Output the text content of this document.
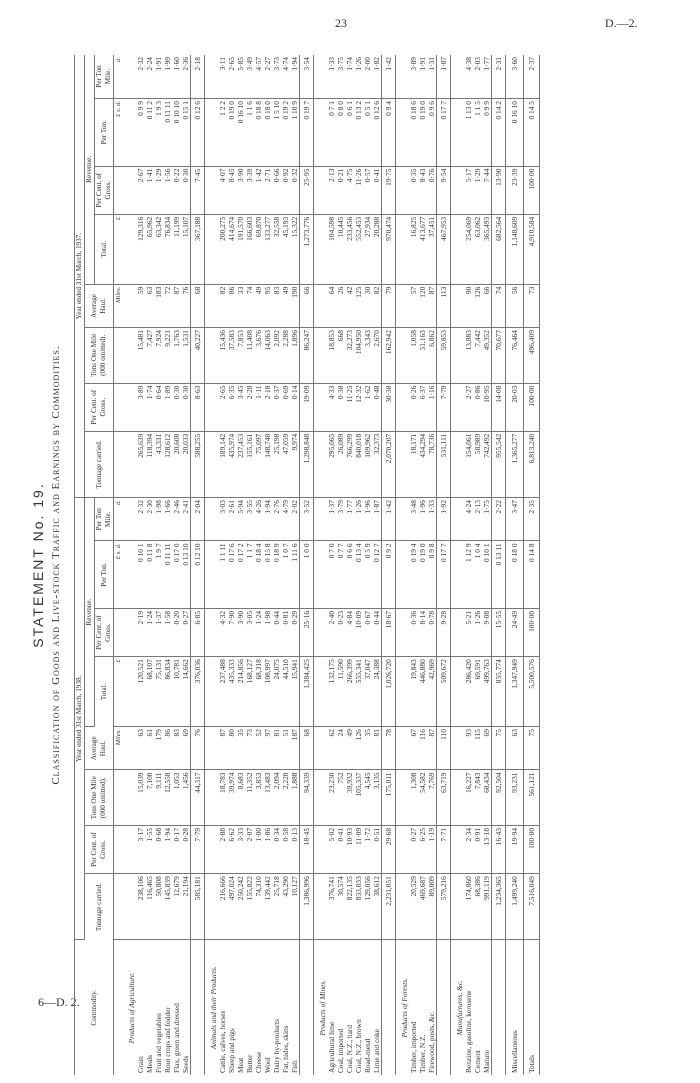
23	D.—2.
6—D. 2.
STATEMENT No. 19. Classification of Goods and Live-stock Traffic and Earnings by Commodities.
Commodity.	Year ended 31st March, 1938.								Year ended 31st March, 1937.							
	Tonnage carried.	Per Cent. of Gross.	Tons One Mile (000 omitted).	Average Haul.	Revenue.				Tonnage carried.	Per Cent. of Gross.	Tons One Mile (000 omitted).	Average Haul.	Revenue.			
					Total.	Per Cent. of Gross.	Per Ton.	Per Ton Mile.					Total.	Per Cent. of Gross.	Per Ton.	Per Ton Mile.
				Miles.	£		£ s. d.	d.				Miles.	£		£ s. d.	d.
Products of Agriculture.																
Grain	238,106	3·17	15,039	63	120,521	2·19	0 10 1	2·32	265,639	3·89	15,481	59	129,316	2·67	0 9 9	2·32
Meals	116,465	1·55	7,100	61	68,107	1·24	0 11 8	2·30	118,394	1·74	7,427	63	65,962	1·41	0 11 2	2·24
Fruit and vegetables	50,808	0·68	9,111	179	75,131	1·37	1 9 7	1·98	43,331	0·64	7,924	183	63,342	1·29	1 9 3	1·91
Root crops and fodder	145,839	1·94	12,558	86	86,834	1·58	0 11 11	1·66	128,612	1·89	9,221	72	76,834	1·56	0 11 11	1·99
Flax, green and dressed	12,679	0·17	1,053	83	10,781	0·20	0 17 0	2·46	20,608	0·30	1,763	87	11,199	0·22	0 10 10	1·60
Seeds	21,194	0·28	1,456	69	14,662	0·27	0 13 10	2·41	20,033	0·30	1,531	76	15,107	0·30	0 15 1	2·36
	585,181	7·79	44,317	76	376,036	6·85	0 12 10	2·04	588,255	8·63	40,227	68	367,188	7·45	0 12 6	2·18
Animals and their Products.																
Cattle, calves, horses	216,666	2·88	18,783	87	237,488	4·32	1 1 11	3·03	189,142	2·65	15,436	82	200,275	4·07	1 2 2	3·11
Sheep and pigs	497,024	6·62	39,974	80	435,333	7·90	0 17 6	2·61	435,974	6·35	37,583	86	414,674	8·45	0 19 0	2·65
Meat	250,242	3·33	8,683	35	214,856	3·90	0 17 2	5·94	237,453	3·45	7,853	33	191,570	3·90	0 16 10	5·85
Butter	155,822	2·07	11,352	73	168,127	3·05	1 1 7	3·55	155,161	2·28	11,408	74	166,603	3·39	1 1 6	3·49
Cheese	74,310	1·00	3,853	52	68,318	1·24	0 18 4	4·26	75,097	1·11	3,676	49	69,870	1·42	0 18 8	4·57
Wool	139,442	1·86	13,483	97	108,997	1·98	0 15 8	1·94	148,748	2·18	14,063	95	133,277	2·71	0 18 0	2·27
Dairy by-products	25,718	0·34	2,094	81	24,075	0·44	0 18 9	2·76	25,198	0·37	2,092	83	32,558	0·66	1 5 10	3·73
Fat, hides, skins	43,290	0·58	2,220	51	44,510	0·81	1 0 7	4·79	47,059	0·69	2,288	49	45,193	0·92	0 19 2	4·74
Fish	10,127	0·13	1,888	187	15,941	0·29	1 11 6	2·02	9,974	0·14	1,896	190	15,322	0·32	1 10 9	1·94
	1,386,996	18·45	94,339	68	1,384,425	25·16	1 0 0	3·52	1,298,848	19·09	86,247	66	1,273,776	25·95	0 19 7	3·54
Products of Mines.																
Agricultural lime	376,741	5·02	23,230	62	132,175	2·40	0 7 0	1·37	295,065	4·33	18,853	64	104,598	2·13	0 7 1	1·33
Coal, imported	30,574	0·41	752	24	11,590	0·23	0 7 7	3·79	26,089	0·38	668	26	10,445	0·21	0 8 0	3·75
Coal, N.Z., hard	822,135	10·93	39,932	49	266,399	4·84	0 6 6	1·77	766,299	11·25	32,273	42	233,456	4·75	0 6 1	1·74
Coal, N.Z., brown	833,033	11·09	105,337	126	555,341	10·09	0 13 4	1·26	840,018	12·32	104,950	125	552,453	11·26	0 13 2	1·26
Road-metal	129,056	1·72	4,545	35	37,047	0·67	0 5 9	1·96	109,962	1·62	3,343	30	27,934	0·57	0 5 1	2·00
Lime and coke	38,612	0·51	3,135	81	24,388	0·44	0 12 7	1·87	32,373	0·48	2,670	82	20,288	0·41	0 12 6	1·82
	2,231,051	29·68	175,011	78	1,026,720	18·67	0 9 2	1·42	2,070,207	30·38	162,942	79	970,474	19·75	0 9 4	1·42
Products of Forests.																
Timber, imported	20,529	0·27	1,308	67	19,843	0·36	0 19 4	3·48	18,171	0·26	1,058	57	16,825	0·35	0 18 6	3·89
Timber, N.Z.	469,687	6·25	54,582	116	446,880	8·14	0 19 0	1·96	434,294	6·37	51,163	120	413,677	8·43	0 19 0	1·91
Firewood, posts, &c.	89,009	1·19	7,769	87	42,969	0·78	0 9 8	1·33	78,736	1·16	6,862	87	37,451	0·76	0 9 6	1·31
	579,216	7·71	63,719	110	509,672	9·28	0 17 7	1·92	531,111	7·79	59,853	113	467,953	9·54	0 17 7	1·87
Manufactures, &c.																
Benzine, gasoline, kerosene	174,860	2·34	16,227	93	286,420	5·21	1 12 9	4·24	154,061	2·27	13,883	90	254,069	5·17	1 13 0	4·38
Cement	68,386	0·91	7,843	115	69,591	1·26	1 0 4	2·13	58,989	0·86	7,442	126	63,062	1·29	1 1 5	2·03
Manure	991,119	13·18	68,434	69	499,763	9·08	0 10 1	1·75	742,492	10·95	49,352	66	365,493	7·44	0 9 9	1·77
	1,234,365	16·43	92,504	75	855,774	15·55	0 13 11	2·22	955,542	14·08	70,677	74	682,564	13·90	0 14 2	2·31

Miscellaneous	1,499,240	19·94	93,231	63	1,347,949	24·49	0 18 0	3·47	1,365,277	20·03	76,464	56	1,148,609	23·39	0 16 10	3·60

Totals	7,516,049	100·00	561,121	75	5,500,576	100·00	0 14 8	2·35	6,813,240	100·00	496,409	73	4,910,584	100·00	0 14 5	2·37
